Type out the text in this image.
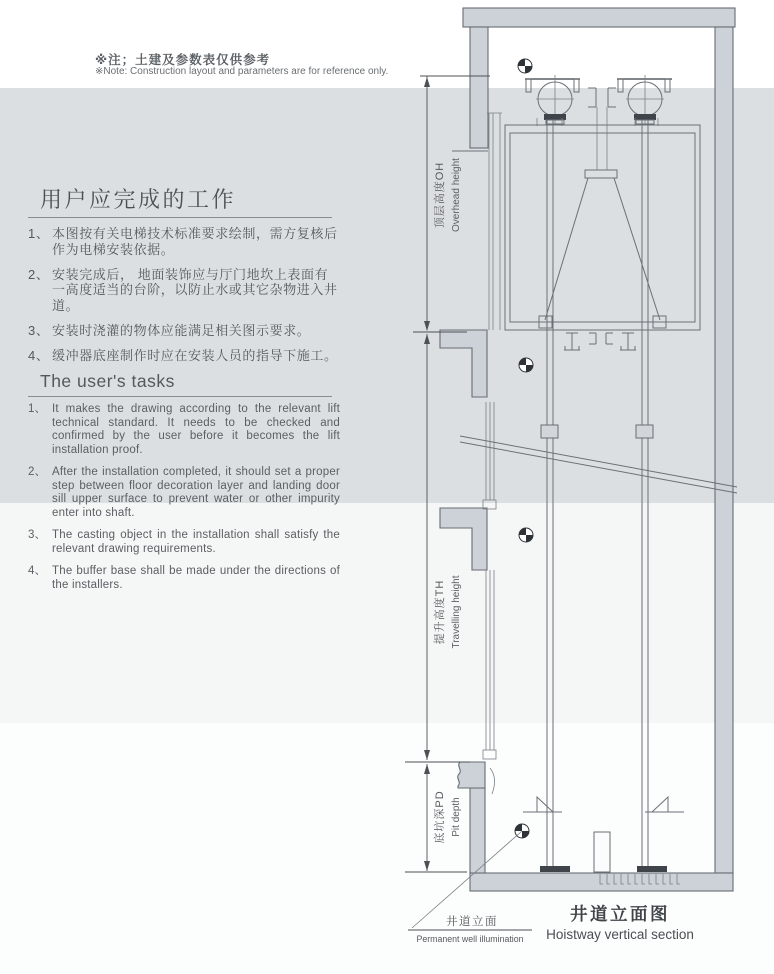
※注；土建及参数表仅供参考
※Note: Construction layout and parameters are for reference only.
用户应完成的工作
1、 本图按有关电梯技术标准要求绘制，需方复核后作为电梯安装依据。
2、 安装完成后， 地面装饰应与厅门地坎上表面有一高度适当的台阶，以防止水或其它杂物进入井道。
3、 安装时浇灌的物体应能满足相关图示要求。
4、 缓冲器底座制作时应在安装人员的指导下施工。
The user's tasks
1、 It makes the drawing according to the relevant lift technical standard. It needs to be checked and confirmed by the user before it becomes the lift installation proof.
2、 After the installation completed, it should set a proper step between floor decoration layer and landing door sill upper surface to prevent water or other impurity enter into shaft.
3、 The casting object in the installation shall satisfy the relevant drawing requirements.
4、 The buffer base shall be made under the directions of the installers.
顶层高度OH Overhead height
提升高度TH Travelling height
底坑深PD Pit depth
井道立面
Permanent well illumination
井道立面图
Hoistway vertical section
